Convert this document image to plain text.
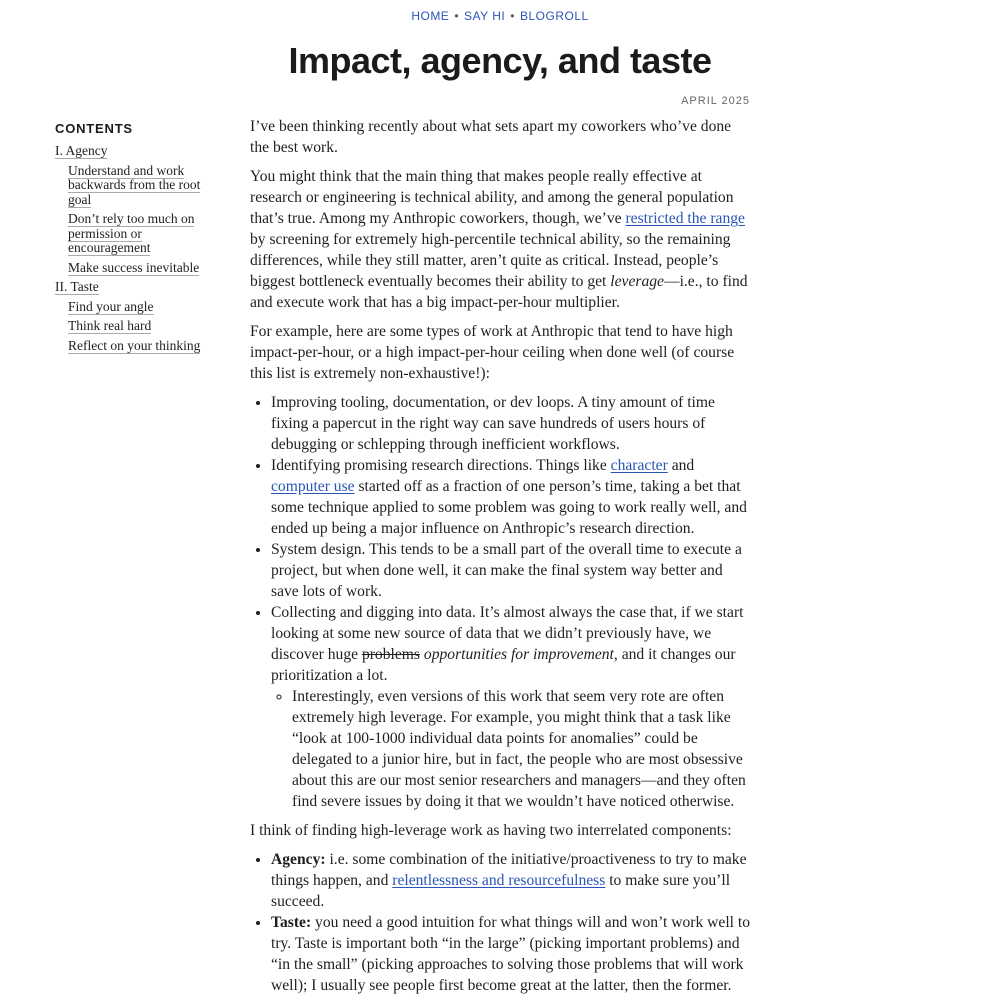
HOME • SAY HI • BLOGROLL
Impact, agency, and taste
APRIL 2025
CONTENTS
I. Agency
Understand and work backwards from the root goal
Don’t rely too much on permission or encouragement
Make success inevitable
II. Taste
Find your angle
Think real hard
Reflect on your thinking

I’ve been thinking recently about what sets apart my coworkers who’ve done the best work.

You might think that the main thing that makes people really effective at research or engineering is technical ability, and among the general population that’s true. Among my Anthropic coworkers, though, we’ve restricted the range by screening for extremely high-percentile technical ability, so the remaining differences, while they still matter, aren’t quite as critical. Instead, people’s biggest bottleneck eventually becomes their ability to get leverage—i.e., to find and execute work that has a big impact-per-hour multiplier.

For example, here are some types of work at Anthropic that tend to have high impact-per-hour, or a high impact-per-hour ceiling when done well (of course this list is extremely non-exhaustive!):

• Improving tooling, documentation, or dev loops. A tiny amount of time fixing a papercut in the right way can save hundreds of users hours of debugging or schlepping through inefficient workflows.
• Identifying promising research directions. Things like character and computer use started off as a fraction of one person’s time, taking a bet that some technique applied to some problem was going to work really well, and ended up being a major influence on Anthropic’s research direction.
• System design. This tends to be a small part of the overall time to execute a project, but when done well, it can make the final system way better and save lots of work.
• Collecting and digging into data. It’s almost always the case that, if we start looking at some new source of data that we didn’t previously have, we discover huge problems opportunities for improvement, and it changes our prioritization a lot.
◦ Interestingly, even versions of this work that seem very rote are often extremely high leverage. For example, you might think that a task like “look at 100-1000 individual data points for anomalies” could be delegated to a junior hire, but in fact, the people who are most obsessive about this are our most senior researchers and managers—and they often find severe issues by doing it that we wouldn’t have noticed otherwise.

I think of finding high-leverage work as having two interrelated components:

• Agency: i.e. some combination of the initiative/proactiveness to try to make things happen, and relentlessness and resourcefulness to make sure you’ll succeed.
• Taste: you need a good intuition for what things will and won’t work well to try. Taste is important both “in the large” (picking important problems) and “in the small” (picking approaches to solving those problems that will work well); I usually see people first become great at the latter, then the former.
